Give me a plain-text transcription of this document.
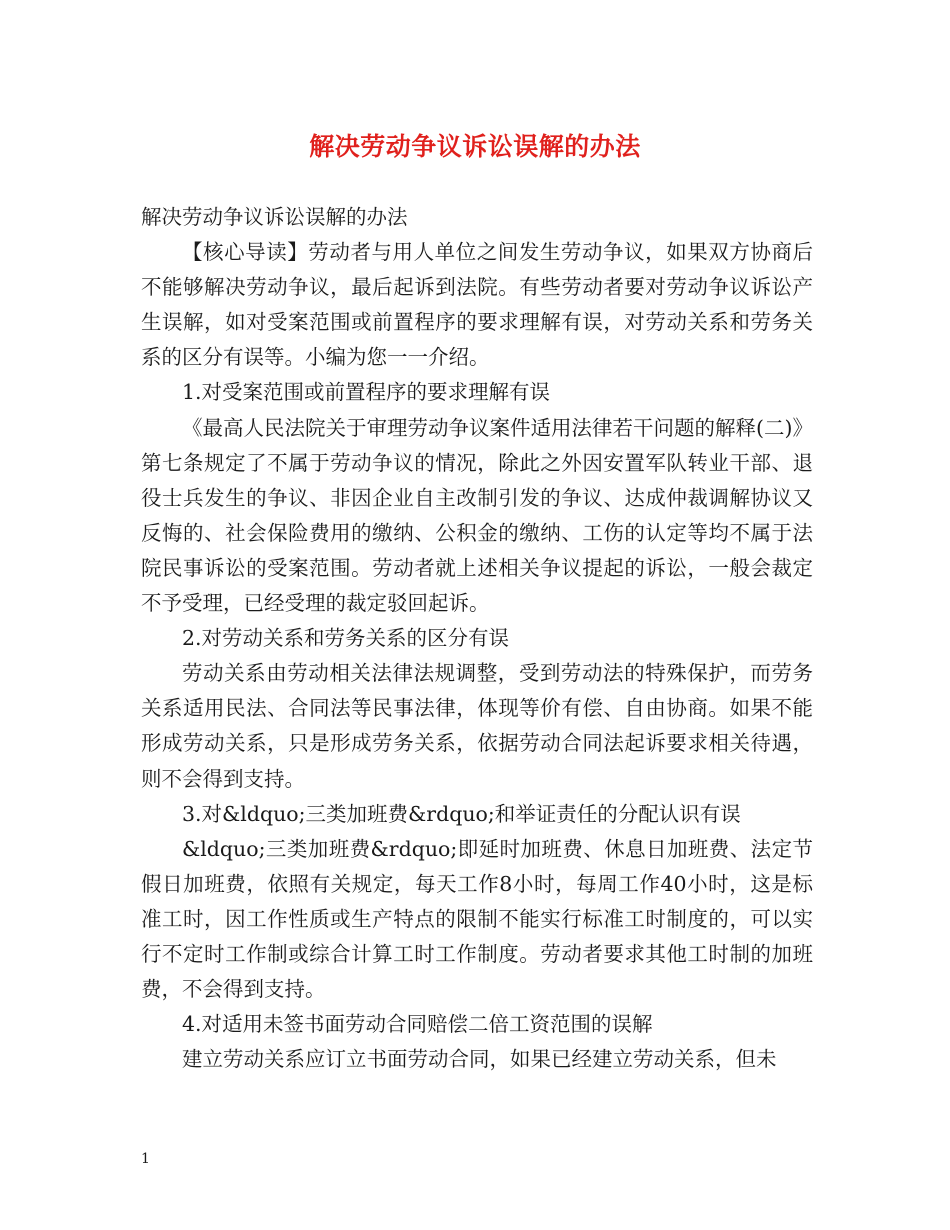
解决劳动争议诉讼误解的办法

解决劳动争议诉讼误解的办法

【核心导读】劳动者与用人单位之间发生劳动争议，如果双方协商后不能够解决劳动争议，最后起诉到法院。有些劳动者要对劳动争议诉讼产生误解，如对受案范围或前置程序的要求理解有误，对劳动关系和劳务关系的区分有误等。小编为您一一介绍。

1.对受案范围或前置程序的要求理解有误

《最高人民法院关于审理劳动争议案件适用法律若干问题的解释(二)》第七条规定了不属于劳动争议的情况，除此之外因安置军队转业干部、退役士兵发生的争议、非因企业自主改制引发的争议、达成仲裁调解协议又反悔的、社会保险费用的缴纳、公积金的缴纳、工伤的认定等均不属于法院民事诉讼的受案范围。劳动者就上述相关争议提起的诉讼，一般会裁定不予受理，已经受理的裁定驳回起诉。

2.对劳动关系和劳务关系的区分有误

劳动关系由劳动相关法律法规调整，受到劳动法的特殊保护，而劳务关系适用民法、合同法等民事法律，体现等价有偿、自由协商。如果不能形成劳动关系，只是形成劳务关系，依据劳动合同法起诉要求相关待遇，则不会得到支持。

3.对&ldquo;三类加班费&rdquo;和举证责任的分配认识有误

&ldquo;三类加班费&rdquo;即延时加班费、休息日加班费、法定节假日加班费，依照有关规定，每天工作8小时，每周工作40小时，这是标准工时，因工作性质或生产特点的限制不能实行标准工时制度的，可以实行不定时工作制或综合计算工时工作制度。劳动者要求其他工时制的加班费，不会得到支持。

4.对适用未签书面劳动合同赔偿二倍工资范围的误解

建立劳动关系应订立书面劳动合同，如果已经建立劳动关系，但未

1
